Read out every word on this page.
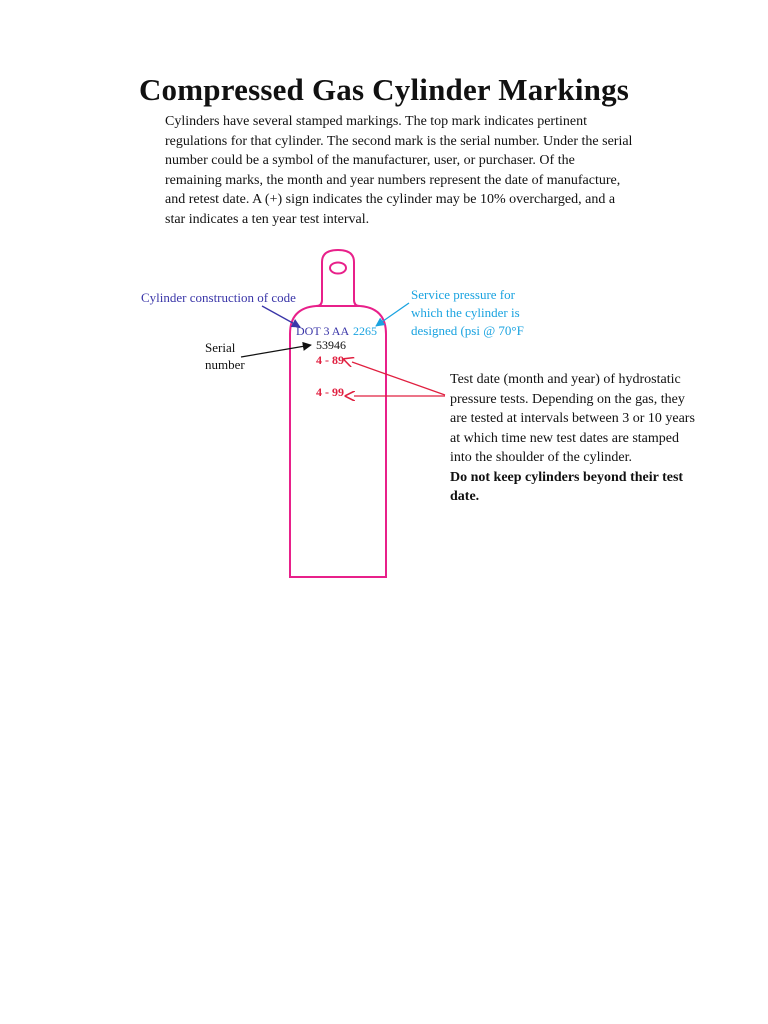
Compressed Gas Cylinder Markings

Cylinders have several stamped markings. The top mark indicates pertinent regulations for that cylinder. The second mark is the serial number. Under the serial number could be a symbol of the manufacturer, user, or purchaser. Of the remaining marks, the month and year numbers represent the date of manufacture, and retest date. A (+) sign indicates the cylinder may be 10% overcharged, and a star indicates a ten year test interval.

Cylinder construction of code	Service pressure for
which the cylinder is
designed (psi @ 70°F
Serial
number
DOT 3 AA 2265
53946
4 - 89
4 - 99
Test date (month and year) of hydrostatic pressure tests. Depending on the gas, they are tested at intervals between 3 or 10 years at which time new test dates are stamped into the shoulder of the cylinder.
Do not keep cylinders beyond their test date.
